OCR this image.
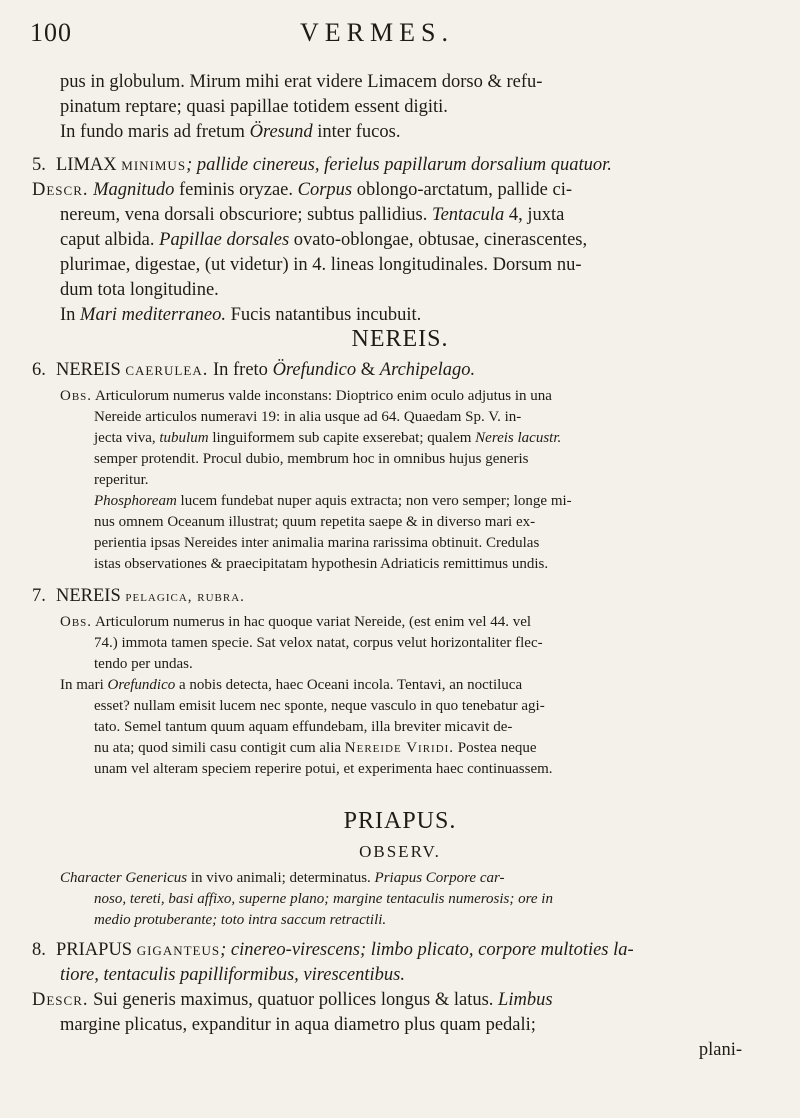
100	VERMES.
pus in globulum. Mirum mihi erat videre Limacem dorso & refu-
pinatum reptare; quasi papillae totidem essent digiti.
In fundo maris ad fretum Öresund inter fucos.
5. LIMAX minimus; pallide cinereus, ferielus papillarum dorsalium quatuor.
Descr. Magnitudo feminis oryzae. Corpus oblongo-arctatum, pallide ci-
nereum, vena dorsali obscuriore; subtus pallidius. Tentacula 4, juxta
caput albida. Papillae dorsales ovato-oblongae, obtusae, cinerascentes,
plurimae, digestae, (ut videtur) in 4. lineas longitudinales. Dorsum nu-
dum tota longitudine.
In Mari mediterraneo. Fucis natantibus incubuit.
NEREIS.
6. NEREIS caerulea. In freto Örefundico & Archipelago.
Obs. Articulorum numerus valde inconstans: Dioptrico enim oculo adjutus in una
Nereide articulos numeravi 19: in alia usque ad 64. Quaedam Sp. V. in-
jecta viva, tubulum linguiformem sub capite exserebat; qualem Nereis lacustr.
semper protendit. Procul dubio, membrum hoc in omnibus hujus generis
reperitur.
Phosphoream lucem fundebat nuper aquis extracta; non vero semper; longe mi-
nus omnem Oceanum illustrat; quum repetita saepe & in diverso mari ex-
perientia ipsas Nereides inter animalia marina rarissima obtinuit. Credulas
istas observationes & praecipitatam hypothesin Adriaticis remittimus undis.
7. NEREIS pelagica, rubra.
Obs. Articulorum numerus in hac quoque variat Nereide, (est enim vel 44. vel
74.) immota tamen specie. Sat velox natat, corpus velut horizontaliter flec-
tendo per undas.
In mari Orefundico a nobis detecta, haec Oceani incola. Tentavi, an noctiluca
esset? nullam emisit lucem nec sponte, neque vasculo in quo tenebatur agi-
tato. Semel tantum quum aquam effundebam, illa breviter micavit de-
nu ata; quod simili casu contigit cum alia Nereide Viridi. Postea neque
unam vel alteram speciem reperire potui, et experimenta haec continuassem.
PRIAPUS.
OBSERV.
Character Genericus in vivo animali; determinatus. Priapus Corpore car-
noso, tereti, basi affixo, superne plano; margine tentaculis numerosis; ore in
medio protuberante; toto intra saccum retractili.
8. PRIAPUS giganteus; cinereo-virescens; limbo plicato, corpore multoties la-
tiore, tentaculis papilliformibus, virescentibus.
Descr. Sui generis maximus, quatuor pollices longus & latus. Limbus
margine plicatus, expanditur in aqua diametro plus quam pedali;
plani-
